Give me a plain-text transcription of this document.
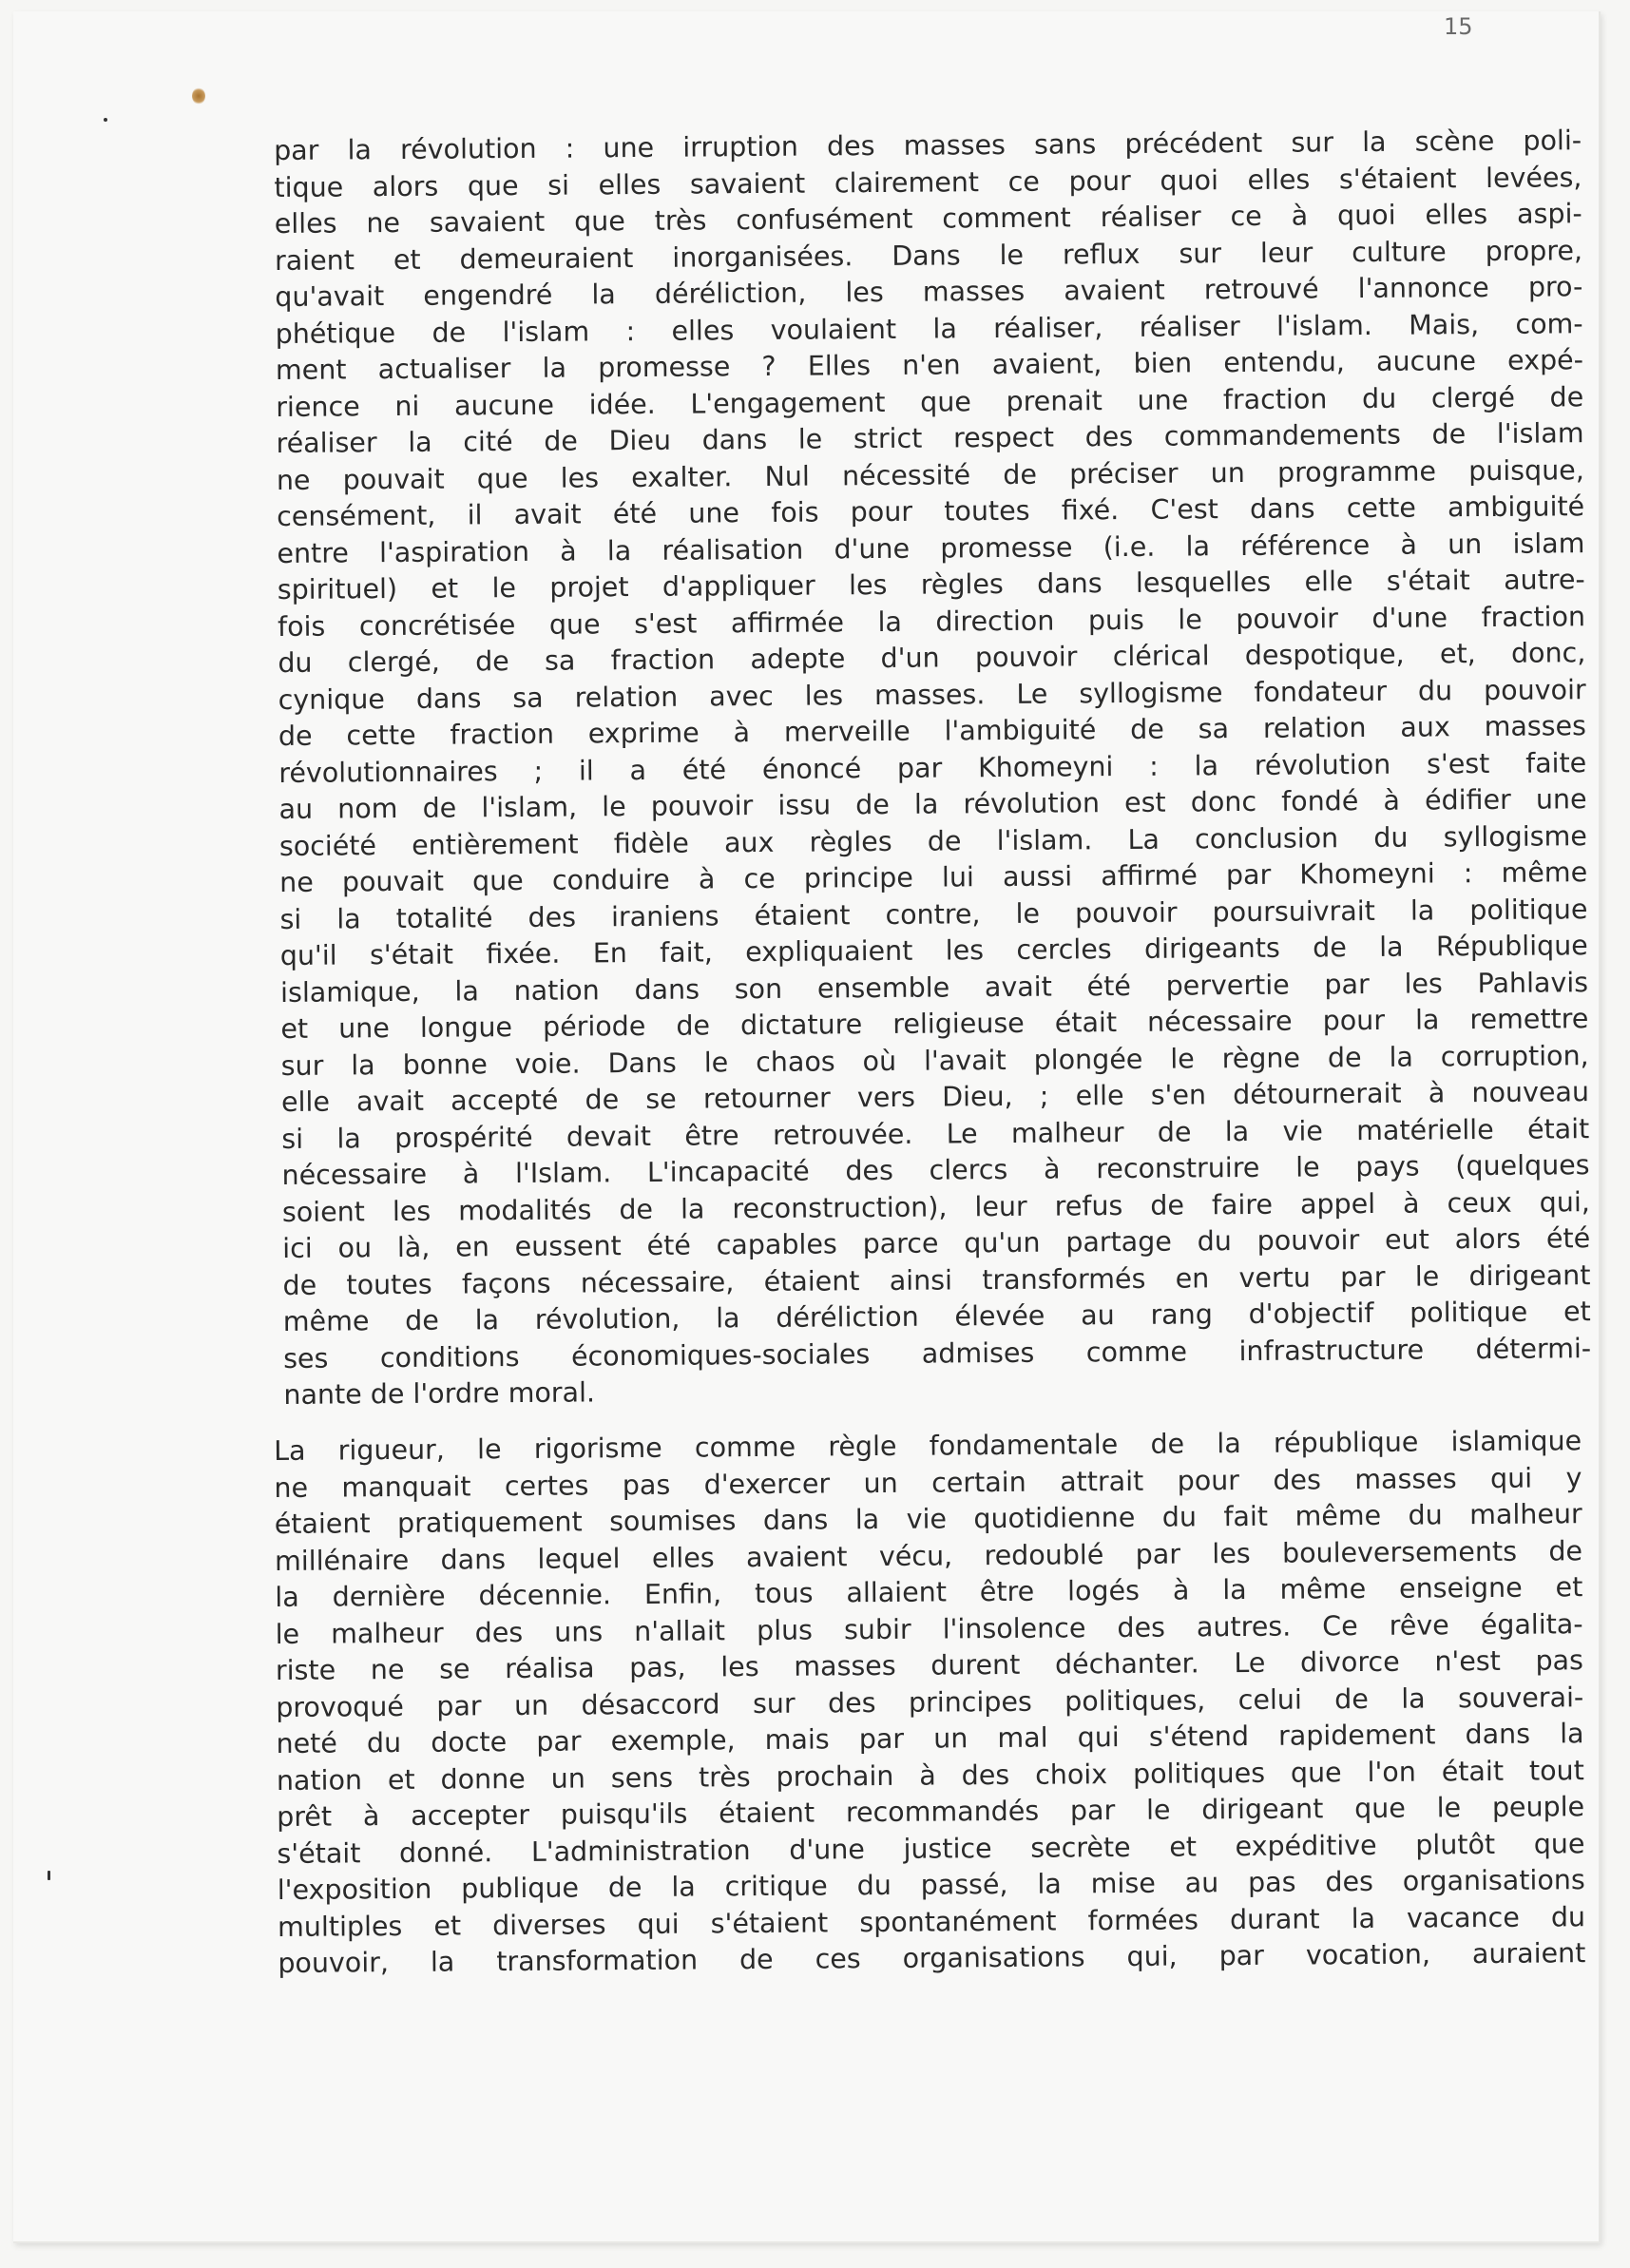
15
par la révolution : une irruption des masses sans précédent sur la scène poli-
tique alors que si elles savaient clairement ce pour quoi elles s'étaient levées,
elles ne savaient que très confusément comment réaliser ce à quoi elles aspi-
raient et demeuraient inorganisées. Dans le reflux sur leur culture propre,
qu'avait engendré la déréliction, les masses avaient retrouvé l'annonce pro-
phétique de l'islam : elles voulaient la réaliser, réaliser l'islam. Mais, com-
ment actualiser la promesse ? Elles n'en avaient, bien entendu, aucune expé-
rience ni aucune idée. L'engagement que prenait une fraction du clergé de
réaliser la cité de Dieu dans le strict respect des commandements de l'islam
ne pouvait que les exalter. Nul nécessité de préciser un programme puisque,
censément, il avait été une fois pour toutes fixé. C'est dans cette ambiguité
entre l'aspiration à la réalisation d'une promesse (i.e. la référence à un islam
spirituel) et le projet d'appliquer les règles dans lesquelles elle s'était autre-
fois concrétisée que s'est affirmée la direction puis le pouvoir d'une fraction
du clergé, de sa fraction adepte d'un pouvoir clérical despotique, et, donc,
cynique dans sa relation avec les masses. Le syllogisme fondateur du pouvoir
de cette fraction exprime à merveille l'ambiguité de sa relation aux masses
révolutionnaires ; il a été énoncé par Khomeyni : la révolution s'est faite
au nom de l'islam, le pouvoir issu de la révolution est donc fondé à édifier une
société entièrement fidèle aux règles de l'islam. La conclusion du syllogisme
ne pouvait que conduire à ce principe lui aussi affirmé par Khomeyni : même
si la totalité des iraniens étaient contre, le pouvoir poursuivrait la politique
qu'il s'était fixée. En fait, expliquaient les cercles dirigeants de la République
islamique, la nation dans son ensemble avait été pervertie par les Pahlavis
et une longue période de dictature religieuse était nécessaire pour la remettre
sur la bonne voie. Dans le chaos où l'avait plongée le règne de la corruption,
elle avait accepté de se retourner vers Dieu, ; elle s'en détournerait à nouveau
si la prospérité devait être retrouvée. Le malheur de la vie matérielle était
nécessaire à l'Islam. L'incapacité des clercs à reconstruire le pays (quelques
soient les modalités de la reconstruction), leur refus de faire appel à ceux qui,
ici ou là, en eussent été capables parce qu'un partage du pouvoir eut alors été
de toutes façons nécessaire, étaient ainsi transformés en vertu par le dirigeant
même de la révolution, la déréliction élevée au rang d'objectif politique et
ses conditions économiques-sociales admises comme infrastructure détermi-
nante de l'ordre moral.
La rigueur, le rigorisme comme règle fondamentale de la république islamique
ne manquait certes pas d'exercer un certain attrait pour des masses qui y
étaient pratiquement soumises dans la vie quotidienne du fait même du malheur
millénaire dans lequel elles avaient vécu, redoublé par les bouleversements de
la dernière décennie. Enfin, tous allaient être logés à la même enseigne et
le malheur des uns n'allait plus subir l'insolence des autres. Ce rêve égalita-
riste ne se réalisa pas, les masses durent déchanter. Le divorce n'est pas
provoqué par un désaccord sur des principes politiques, celui de la souverai-
neté du docte par exemple, mais par un mal qui s'étend rapidement dans la
nation et donne un sens très prochain à des choix politiques que l'on était tout
prêt à accepter puisqu'ils étaient recommandés par le dirigeant que le peuple
s'était donné. L'administration d'une justice secrète et expéditive plutôt que
l'exposition publique de la critique du passé, la mise au pas des organisations
multiples et diverses qui s'étaient spontanément formées durant la vacance du
pouvoir, la transformation de ces organisations qui, par vocation, auraient
